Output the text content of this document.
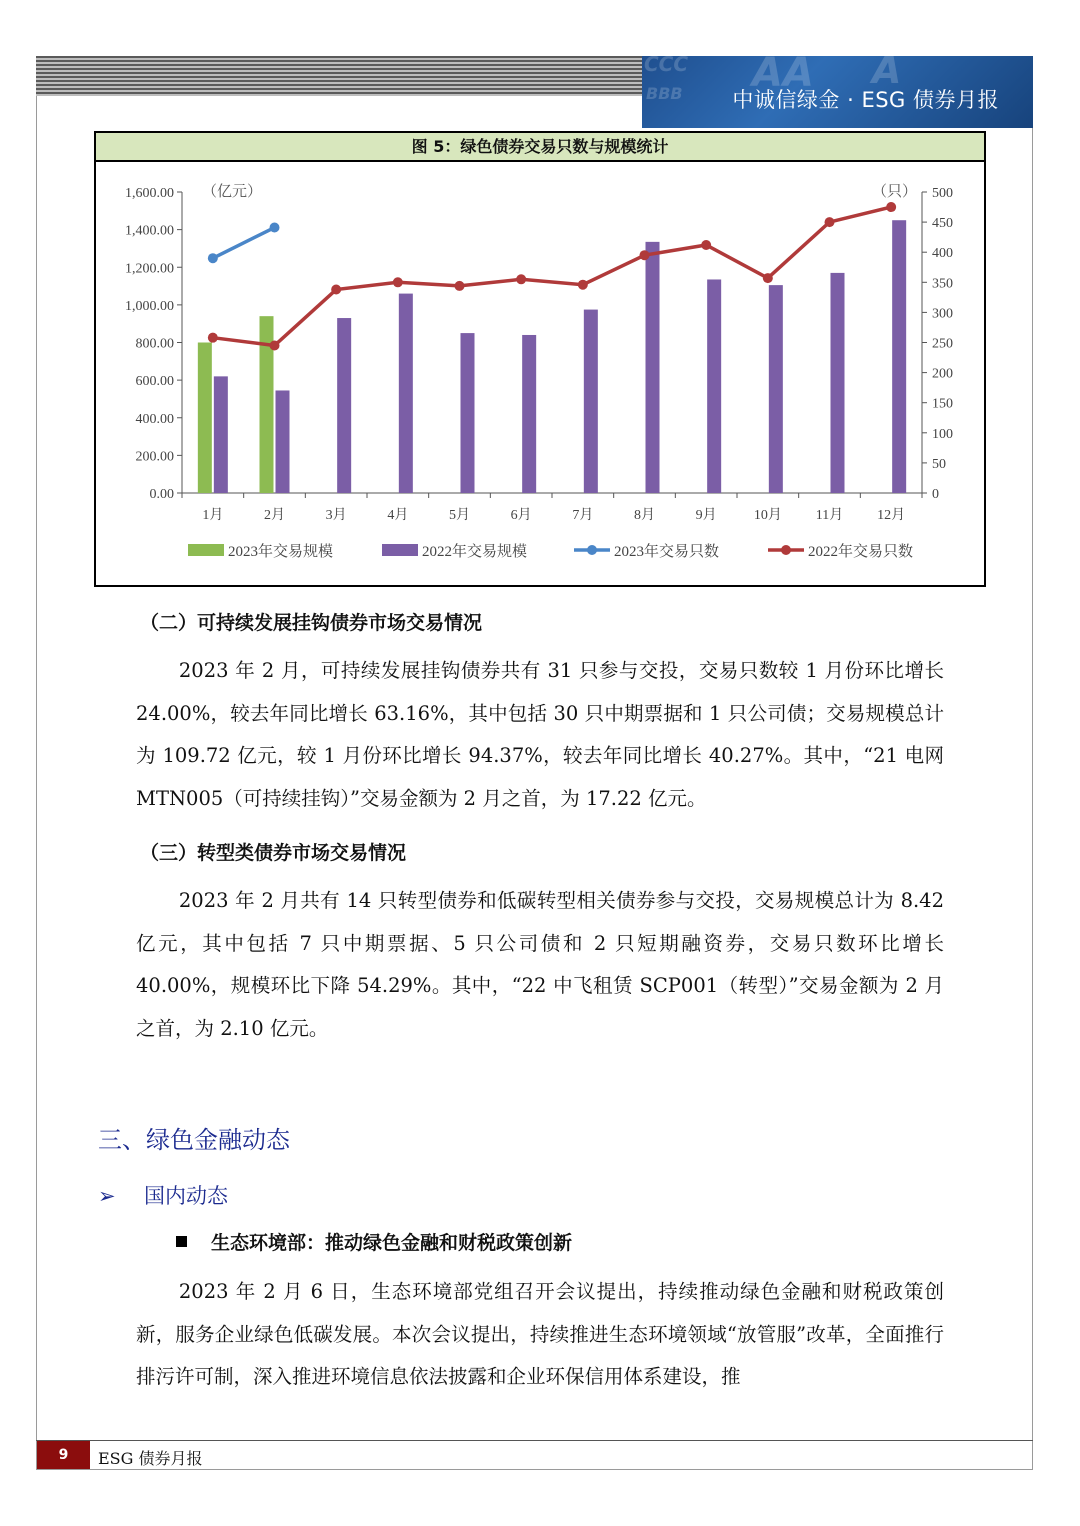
BBB AA
CCC	A
中诚信绿金 · ESG 债券月报
图 5：绿色债券交易只数与规模统计
0.00
200.00
400.00
600.00
800.00
1,000.00
1,200.00
1,400.00
1,600.00
0
50
100
150
200
250
300
350
400
450
500
1月	2月	3月	4月	5月	6月	7月	8月	9月	10月 11月 12月
（亿元）	（只）
2023年交易规模	2022年交易规模	2023年交易只数	2022年交易只数
（二）可持续发展挂钩债券市场交易情况
2023 年 2 月，可持续发展挂钩债券共有 31 只参与交投，交易只数较 1 月份环比增长 24.00%，较去年同比增长 63.16%，其中包括 30 只中期票据和 1 只公司债；交易规模总计为 109.72 亿元，较 1 月份环比增长 94.37%，较去年同比增长 40.27%。其中，“21 电网 MTN005（可持续挂钩）”交易金额为 2 月之首，为 17.22 亿元。
（三）转型类债券市场交易情况
2023 年 2 月共有 14 只转型债券和低碳转型相关债券参与交投，交易规模总计为 8.42 亿元，其中包括 7 只中期票据、5 只公司债和 2 只短期融资券，交易只数环比增长 40.00%，规模环比下降 54.29%。其中，“22 中飞租赁 SCP001（转型）”交易金额为 2 月之首，为 2.10 亿元。
三、绿色金融动态
➢ 国内动态
生态环境部：推动绿色金融和财税政策创新
2023 年 2 月 6 日，生态环境部党组召开会议提出，持续推动绿色金融和财税政策创新，服务企业绿色低碳发展。本次会议提出，持续推进生态环境领域“放管服”改革，全面推行排污许可制，深入推进环境信息依法披露和企业环保信用体系建设，推
9	ESG 债券月报
